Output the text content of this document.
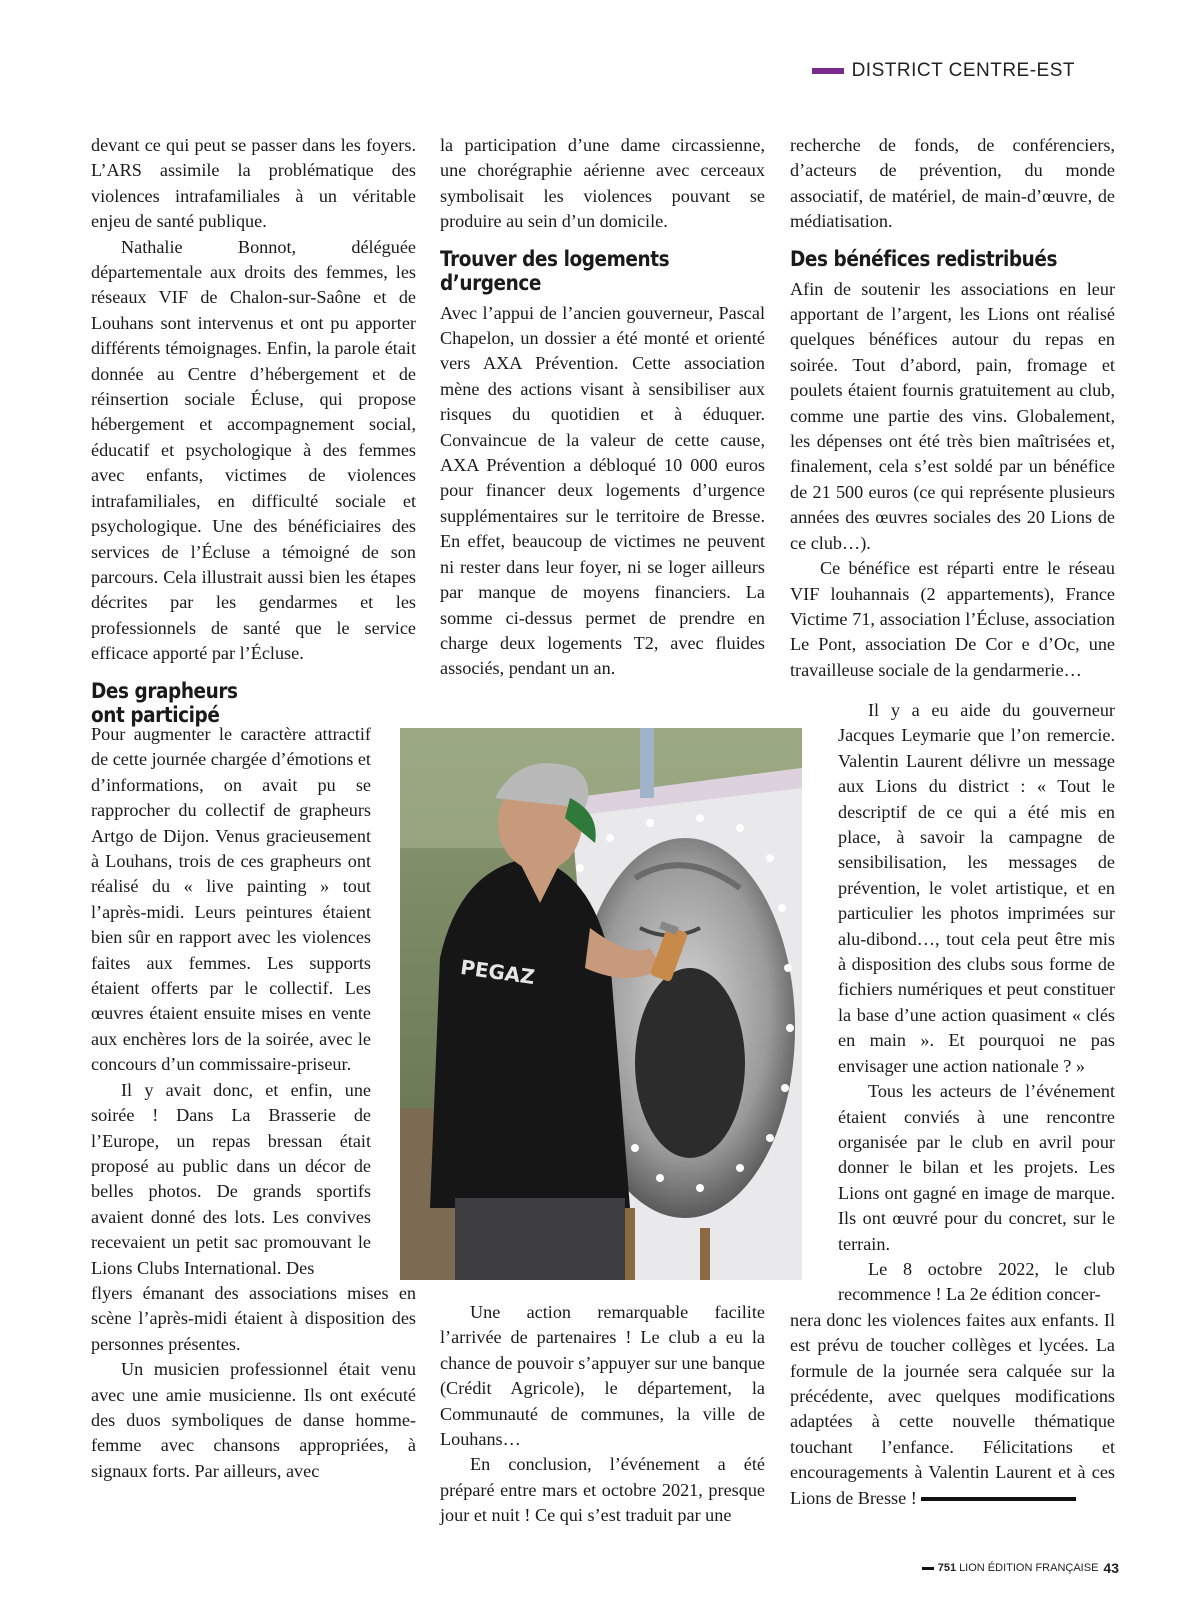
DISTRICT CENTRE-EST

devant ce qui peut se passer dans les foyers. L’ARS assimile la problématique des violences intrafamiliales à un véritable enjeu de santé publique.

Nathalie Bonnot, déléguée départementale aux droits des femmes, les réseaux VIF de Chalon-sur-Saône et de Louhans sont intervenus et ont pu apporter différents témoignages. Enfin, la parole était donnée au Centre d’hébergement et de réinsertion sociale Écluse, qui propose hébergement et accompagnement social, éducatif et psychologique à des femmes avec enfants, victimes de violences intrafamiliales, en difficulté sociale et psychologique. Une des bénéficiaires des services de l’Écluse a témoigné de son parcours. Cela illustrait aussi bien les étapes décrites par les gendarmes et les professionnels de santé que le service efficace apporté par l’Écluse.

Des grapheurs
ont participé

Pour augmenter le caractère attractif de cette journée chargée d’émotions et d’informations, on avait pu se rapprocher du collectif de grapheurs Artgo de Dijon. Venus gracieusement à Louhans, trois de ces grapheurs ont réalisé du « live painting » tout l’après-midi. Leurs peintures étaient bien sûr en rapport avec les violences faites aux femmes. Les supports étaient offerts par le collectif. Les œuvres étaient ensuite mises en vente aux enchères lors de la soirée, avec le concours d’un commissaire-priseur.

Il y avait donc, et enfin, une soirée ! Dans La Brasserie de l’Europe, un repas bressan était proposé au public dans un décor de belles photos. De grands sportifs avaient donné des lots. Les convives recevaient un petit sac promouvant le Lions Clubs International. Des

flyers émanant des associations mises en scène l’après-midi étaient à disposition des personnes présentes.

Un musicien professionnel était venu avec une amie musicienne. Ils ont exécuté des duos symboliques de danse homme-femme avec chansons appropriées, à signaux forts. Par ailleurs, avec

la participation d’une dame circassienne, une chorégraphie aérienne avec cerceaux symbolisait les violences pouvant se produire au sein d’un domicile.

Trouver des logements
d’urgence

Avec l’appui de l’ancien gouverneur, Pascal Chapelon, un dossier a été monté et orienté vers AXA Prévention. Cette association mène des actions visant à sensibiliser aux risques du quotidien et à éduquer. Convaincue de la valeur de cette cause, AXA Prévention a débloqué 10 000 euros pour financer deux logements d’urgence supplémentaires sur le territoire de Bresse. En effet, beaucoup de victimes ne peuvent ni rester dans leur foyer, ni se loger ailleurs par manque de moyens financiers. La somme ci-dessus permet de prendre en charge deux logements T2, avec fluides associés, pendant un an.

PEGAZ

Une action remarquable facilite l’arrivée de partenaires ! Le club a eu la chance de pouvoir s’appuyer sur une banque (Crédit Agricole), le département, la Communauté de communes, la ville de Louhans…

En conclusion, l’événement a été préparé entre mars et octobre 2021, presque jour et nuit ! Ce qui s’est traduit par une

recherche de fonds, de conférenciers, d’acteurs de prévention, du monde associatif, de matériel, de main-d’œuvre, de médiatisation.

Des bénéfices redistribués

Afin de soutenir les associations en leur apportant de l’argent, les Lions ont réalisé quelques bénéfices autour du repas en soirée. Tout d’abord, pain, fromage et poulets étaient fournis gratuitement au club, comme une partie des vins. Globalement, les dépenses ont été très bien maîtrisées et, finalement, cela s’est soldé par un bénéfice de 21 500 euros (ce qui représente plusieurs années des œuvres sociales des 20 Lions de ce club…).

Ce bénéfice est réparti entre le réseau VIF louhannais (2 appartements), France Victime 71, association l’Écluse, association Le Pont, association De Cor e d’Oc, une travailleuse sociale de la gendarmerie…

Il y a eu aide du gouverneur Jacques Leymarie que l’on remercie. Valentin Laurent délivre un message aux Lions du district : « Tout le descriptif de ce qui a été mis en place, à savoir la campagne de sensibilisation, les messages de prévention, le volet artistique, et en particulier les photos imprimées sur alu-dibond…, tout cela peut être mis à disposition des clubs sous forme de fichiers numériques et peut constituer la base d’une action quasiment « clés en main ». Et pourquoi ne pas envisager une action nationale ? »

Tous les acteurs de l’événement étaient conviés à une rencontre organisée par le club en avril pour donner le bilan et les projets. Les Lions ont gagné en image de marque. Ils ont œuvré pour du concret, sur le terrain.

Le 8 octobre 2022, le club recommence ! La 2e édition concer-

nera donc les violences faites aux enfants. Il est prévu de toucher collèges et lycées. La formule de la journée sera calquée sur la précédente, avec quelques modifications adaptées à cette nouvelle thématique touchant l’enfance. Félicitations et encouragements à Valentin Laurent et à ces Lions de Bresse !

751 LION ÉDITION FRANÇAISE 43
